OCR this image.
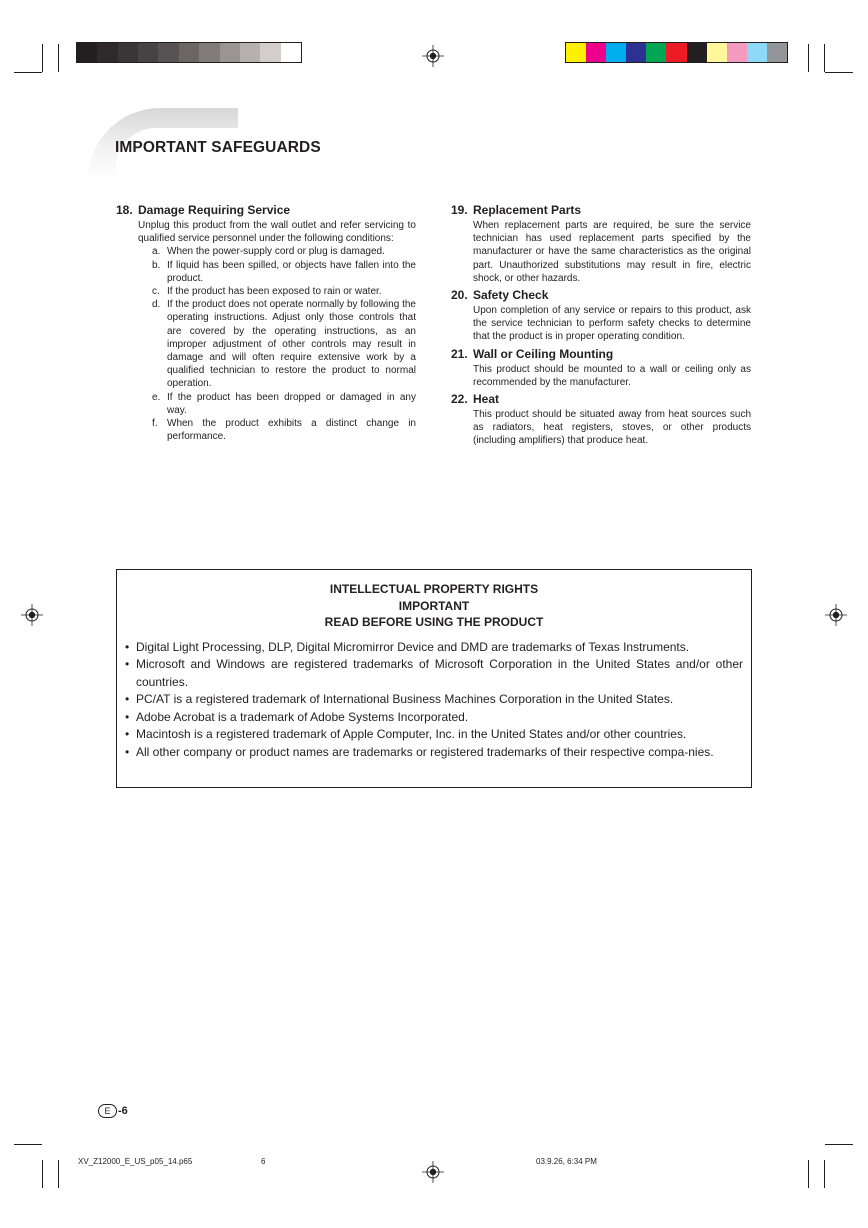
IMPORTANT SAFEGUARDS

18. Damage Requiring Service

Unplug this product from the wall outlet and refer servicing to qualified service personnel under the following conditions:
a. When the power-supply cord or plug is damaged.
b. If liquid has been spilled, or objects have fallen into the product.
c. If the product has been exposed to rain or water.
d. If the product does not operate normally by following the operating instructions. Adjust only those controls that are covered by the operating instructions, as an improper adjustment of other controls may result in damage and will often require extensive work by a qualified technician to restore the product to normal operation.
e. If the product has been dropped or damaged in any way.
f. When the product exhibits a distinct change in performance.

19. Replacement Parts

When replacement parts are required, be sure the service technician has used replacement parts specified by the manufacturer or have the same characteristics as the original part. Unauthorized substitutions may result in fire, electric shock, or other hazards.

20. Safety Check

Upon completion of any service or repairs to this product, ask the service technician to perform safety checks to determine that the product is in proper operating condition.

21. Wall or Ceiling Mounting

This product should be mounted to a wall or ceiling only as recommended by the manufacturer.

22. Heat

This product should be situated away from heat sources such as radiators, heat registers, stoves, or other products (including amplifiers) that produce heat.
INTELLECTUAL PROPERTY RIGHTS
IMPORTANT
READ BEFORE USING THE PRODUCT
• Digital Light Processing, DLP, Digital Micromirror Device and DMD are trademarks of Texas Instruments.
• Microsoft and Windows are registered trademarks of Microsoft Corporation in the United States and/or other countries.
• PC/AT is a registered trademark of International Business Machines Corporation in the United States.
• Adobe Acrobat is a trademark of Adobe Systems Incorporated.
• Macintosh is a registered trademark of Apple Computer, Inc. in the United States and/or other countries.
• All other company or product names are trademarks or registered trademarks of their respective compa-nies.
E -6
XV_Z12000_E_US_p05_14.p65	6	03.9.26, 6:34 PM
